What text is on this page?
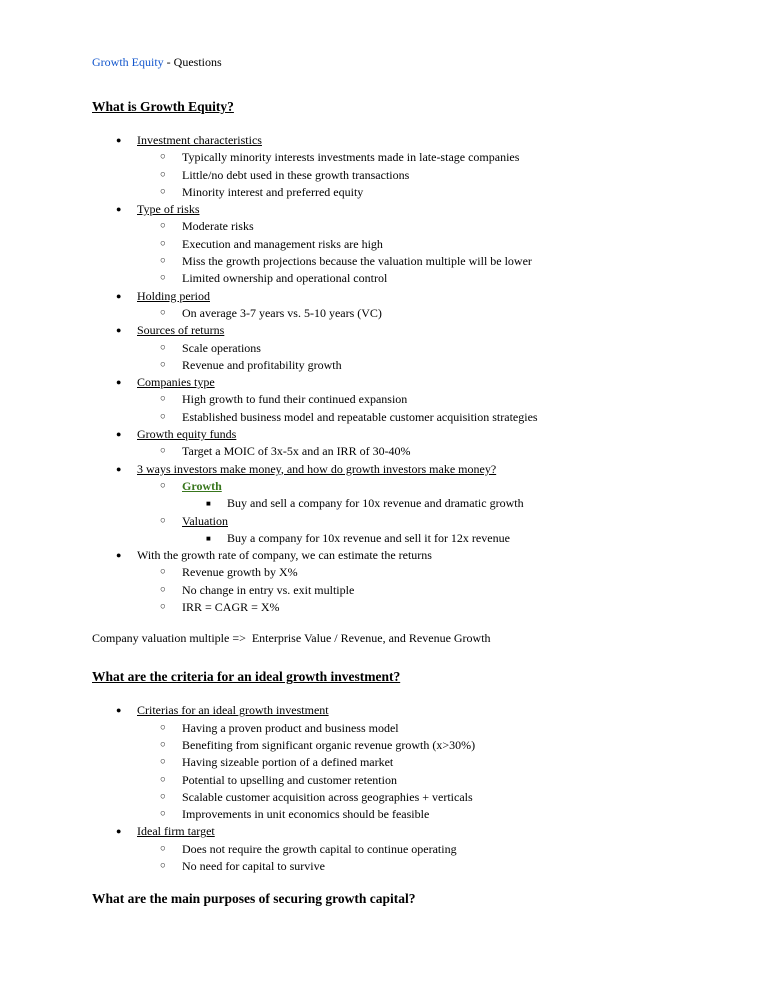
Growth Equity - Questions
What is Growth Equity?
● Investment characteristics
○ Typically minority interests investments made in late-stage companies
○ Little/no debt used in these growth transactions
○ Minority interest and preferred equity
● Type of risks
○ Moderate risks
○ Execution and management risks are high
○ Miss the growth projections because the valuation multiple will be lower
○ Limited ownership and operational control
● Holding period
○ On average 3-7 years vs. 5-10 years (VC)
● Sources of returns
○ Scale operations
○ Revenue and profitability growth
● Companies type
○ High growth to fund their continued expansion
○ Established business model and repeatable customer acquisition strategies
● Growth equity funds
○ Target a MOIC of 3x-5x and an IRR of 30-40%
● 3 ways investors make money, and how do growth investors make money?
○ Growth
■ Buy and sell a company for 10x revenue and dramatic growth
○ Valuation
■ Buy a company for 10x revenue and sell it for 12x revenue
● With the growth rate of company, we can estimate the returns
○ Revenue growth by X%
○ No change in entry vs. exit multiple
○ IRR = CAGR = X%
Company valuation multiple =>  Enterprise Value / Revenue, and Revenue Growth
What are the criteria for an ideal growth investment?
● Criterias for an ideal growth investment
○ Having a proven product and business model
○ Benefiting from significant organic revenue growth (x>30%)
○ Having sizeable portion of a defined market
○ Potential to upselling and customer retention
○ Scalable customer acquisition across geographies + verticals
○ Improvements in unit economics should be feasible
● Ideal firm target
○ Does not require the growth capital to continue operating
○ No need for capital to survive
What are the main purposes of securing growth capital?
